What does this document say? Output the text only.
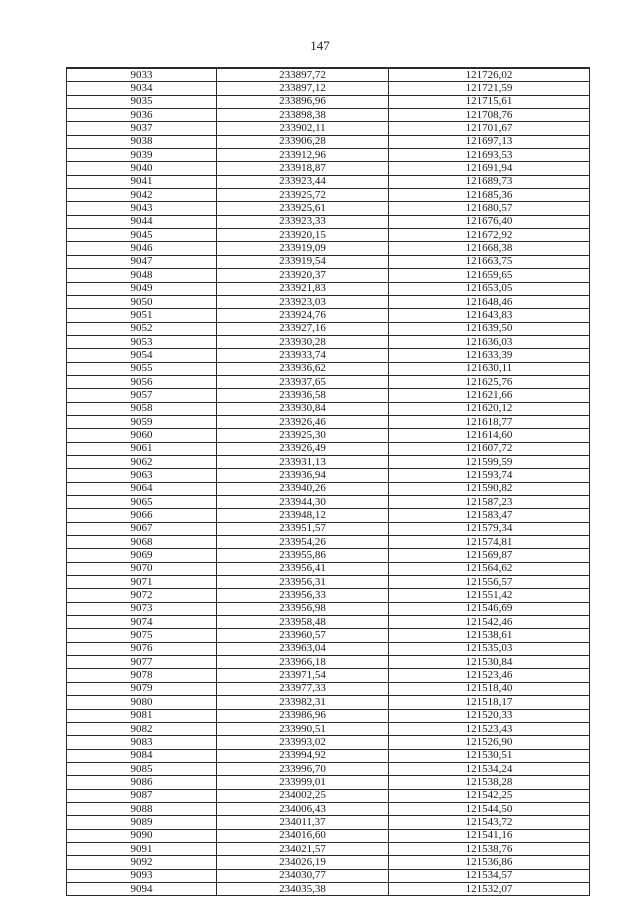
147
9033	233897,72	121726,02
9034	233897,12	121721,59
9035	233896,96	121715,61
9036	233898,38	121708,76
9037	233902,11	121701,67
9038	233906,28	121697,13
9039	233912,96	121693,53
9040	233918,87	121691,94
9041	233923,44	121689,73
9042	233925,72	121685,36
9043	233925,61	121680,57
9044	233923,33	121676,40
9045	233920,15	121672,92
9046	233919,09	121668,38
9047	233919,54	121663,75
9048	233920,37	121659,65
9049	233921,83	121653,05
9050	233923,03	121648,46
9051	233924,76	121643,83
9052	233927,16	121639,50
9053	233930,28	121636,03
9054	233933,74	121633,39
9055	233936,62	121630,11
9056	233937,65	121625,76
9057	233936,58	121621,66
9058	233930,84	121620,12
9059	233926,46	121618,77
9060	233925,30	121614,60
9061	233926,49	121607,72
9062	233931,13	121599,59
9063	233936,94	121593,74
9064	233940,26	121590,82
9065	233944,30	121587,23
9066	233948,12	121583,47
9067	233951,57	121579,34
9068	233954,26	121574,81
9069	233955,86	121569,87
9070	233956,41	121564,62
9071	233956,31	121556,57
9072	233956,33	121551,42
9073	233956,98	121546,69
9074	233958,48	121542,46
9075	233960,57	121538,61
9076	233963,04	121535,03
9077	233966,18	121530,84
9078	233971,54	121523,46
9079	233977,33	121518,40
9080	233982,31	121518,17
9081	233986,96	121520,33
9082	233990,51	121523,43
9083	233993,02	121526,90
9084	233994,92	121530,51
9085	233996,70	121534,24
9086	233999,01	121538,28
9087	234002,25	121542,25
9088	234006,43	121544,50
9089	234011,37	121543,72
9090	234016,60	121541,16
9091	234021,57	121538,76
9092	234026,19	121536,86
9093	234030,77	121534,57
9094	234035,38	121532,07
